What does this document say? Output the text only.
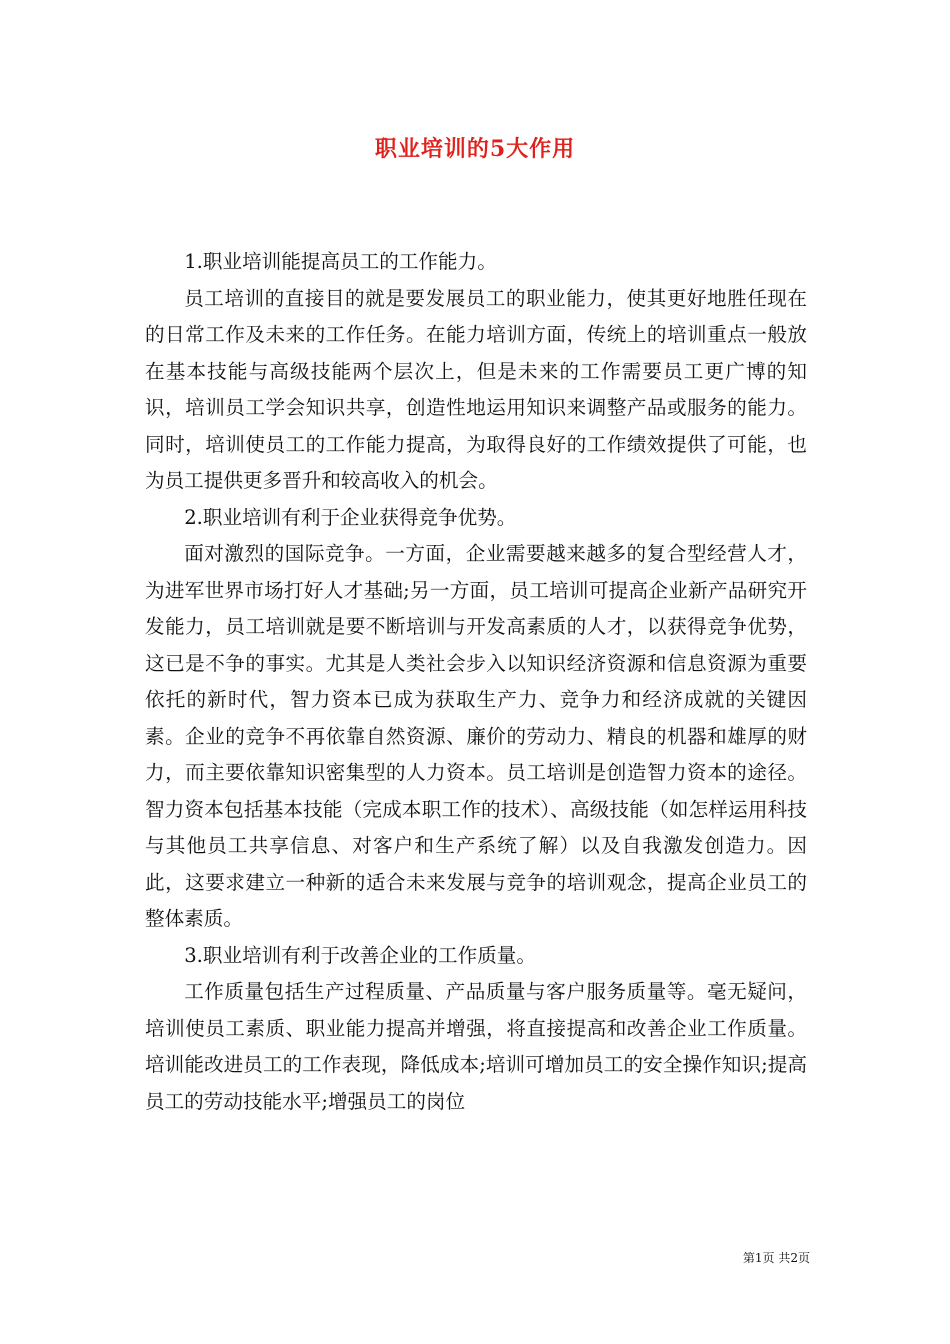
职业培训的5大作用

1.职业培训能提高员工的工作能力。

员工培训的直接目的就是要发展员工的职业能力，使其更好地胜任现在的日常工作及未来的工作任务。在能力培训方面，传统上的培训重点一般放在基本技能与高级技能两个层次上，但是未来的工作需要员工更广博的知识，培训员工学会知识共享，创造性地运用知识来调整产品或服务的能力。同时，培训使员工的工作能力提高，为取得良好的工作绩效提供了可能，也为员工提供更多晋升和较高收入的机会。

2.职业培训有利于企业获得竞争优势。

面对激烈的国际竞争。一方面，企业需要越来越多的复合型经营人才，为进军世界市场打好人才基础;另一方面，员工培训可提高企业新产品研究开发能力，员工培训就是要不断培训与开发高素质的人才，以获得竞争优势，这已是不争的事实。尤其是人类社会步入以知识经济资源和信息资源为重要依托的新时代，智力资本已成为获取生产力、竞争力和经济成就的关键因素。企业的竞争不再依靠自然资源、廉价的劳动力、精良的机器和雄厚的财力，而主要依靠知识密集型的人力资本。员工培训是创造智力资本的途径。智力资本包括基本技能（完成本职工作的技术）、高级技能（如怎样运用科技与其他员工共享信息、对客户和生产系统了解）以及自我激发创造力。因此，这要求建立一种新的适合未来发展与竞争的培训观念，提高企业员工的整体素质。

3.职业培训有利于改善企业的工作质量。

工作质量包括生产过程质量、产品质量与客户服务质量等。毫无疑问，培训使员工素质、职业能力提高并增强，将直接提高和改善企业工作质量。培训能改进员工的工作表现，降低成本;培训可增加员工的安全操作知识;提高员工的劳动技能水平;增强员工的岗位

第1页 共2页
